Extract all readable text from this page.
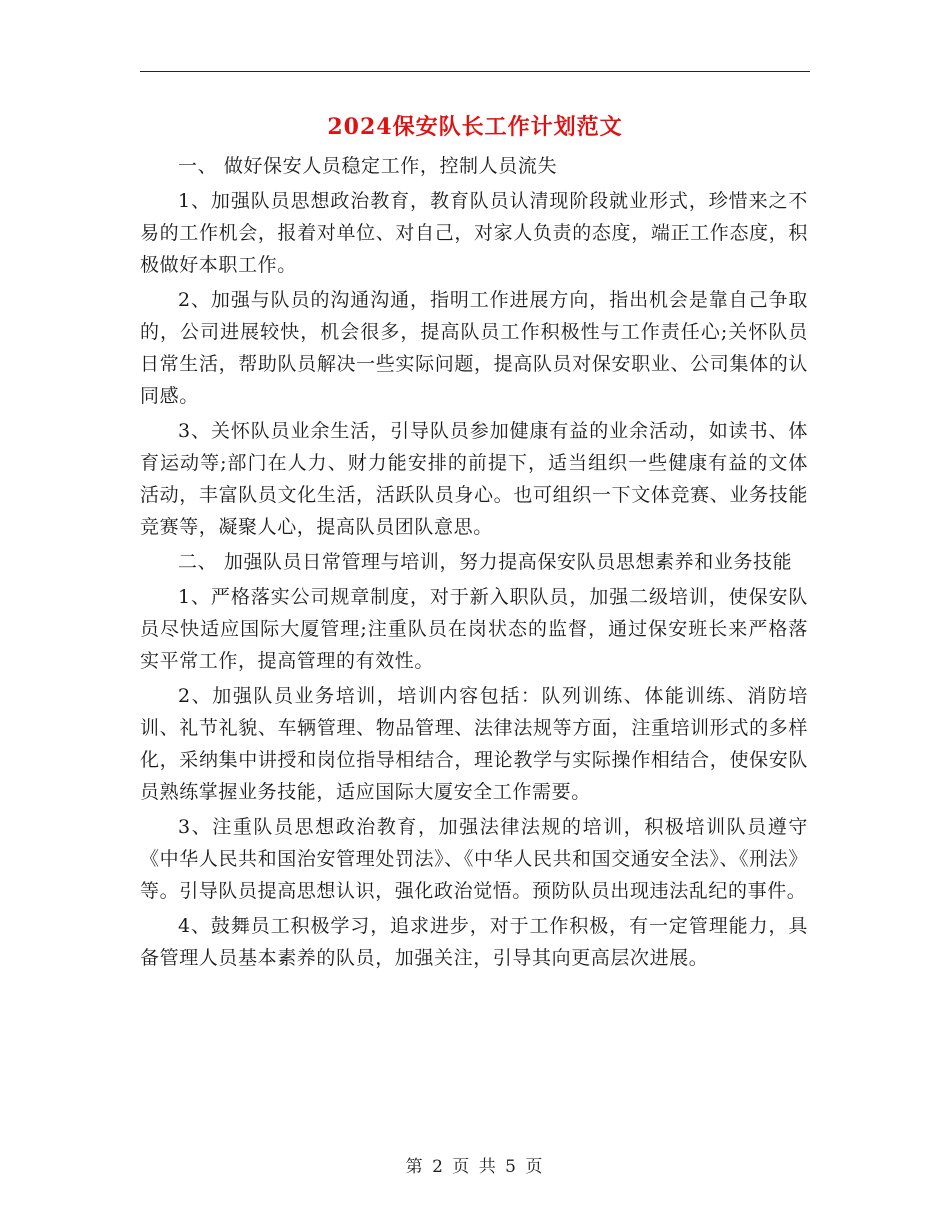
2024保安队长工作计划范文

一、 做好保安人员稳定工作，控制人员流失

1、加强队员思想政治教育，教育队员认清现阶段就业形式，珍惜来之不易的工作机会，报着对单位、对自己，对家人负责的态度，端正工作态度，积极做好本职工作。

2、加强与队员的沟通沟通，指明工作进展方向，指出机会是靠自己争取的，公司进展较快，机会很多，提高队员工作积极性与工作责任心;关怀队员日常生活，帮助队员解决一些实际问题，提高队员对保安职业、公司集体的认同感。

3、关怀队员业余生活，引导队员参加健康有益的业余活动，如读书、体育运动等;部门在人力、财力能安排的前提下，适当组织一些健康有益的文体活动，丰富队员文化生活，活跃队员身心。也可组织一下文体竞赛、业务技能竞赛等，凝聚人心，提高队员团队意思。

二、 加强队员日常管理与培训，努力提高保安队员思想素养和业务技能

1、严格落实公司规章制度，对于新入职队员，加强二级培训，使保安队员尽快适应国际大厦管理;注重队员在岗状态的监督，通过保安班长来严格落实平常工作，提高管理的有效性。

2、加强队员业务培训，培训内容包括：队列训练、体能训练、消防培训、礼节礼貌、车辆管理、物品管理、法律法规等方面，注重培训形式的多样化，采纳集中讲授和岗位指导相结合，理论教学与实际操作相结合，使保安队员熟练掌握业务技能，适应国际大厦安全工作需要。

3、注重队员思想政治教育，加强法律法规的培训，积极培训队员遵守《中华人民共和国治安管理处罚法》、《中华人民共和国交通安全法》、《刑法》等。引导队员提高思想认识，强化政治觉悟。预防队员出现违法乱纪的事件。

4、鼓舞员工积极学习，追求进步，对于工作积极，有一定管理能力，具备管理人员基本素养的队员，加强关注，引导其向更高层次进展。

第 2 页 共 5 页
